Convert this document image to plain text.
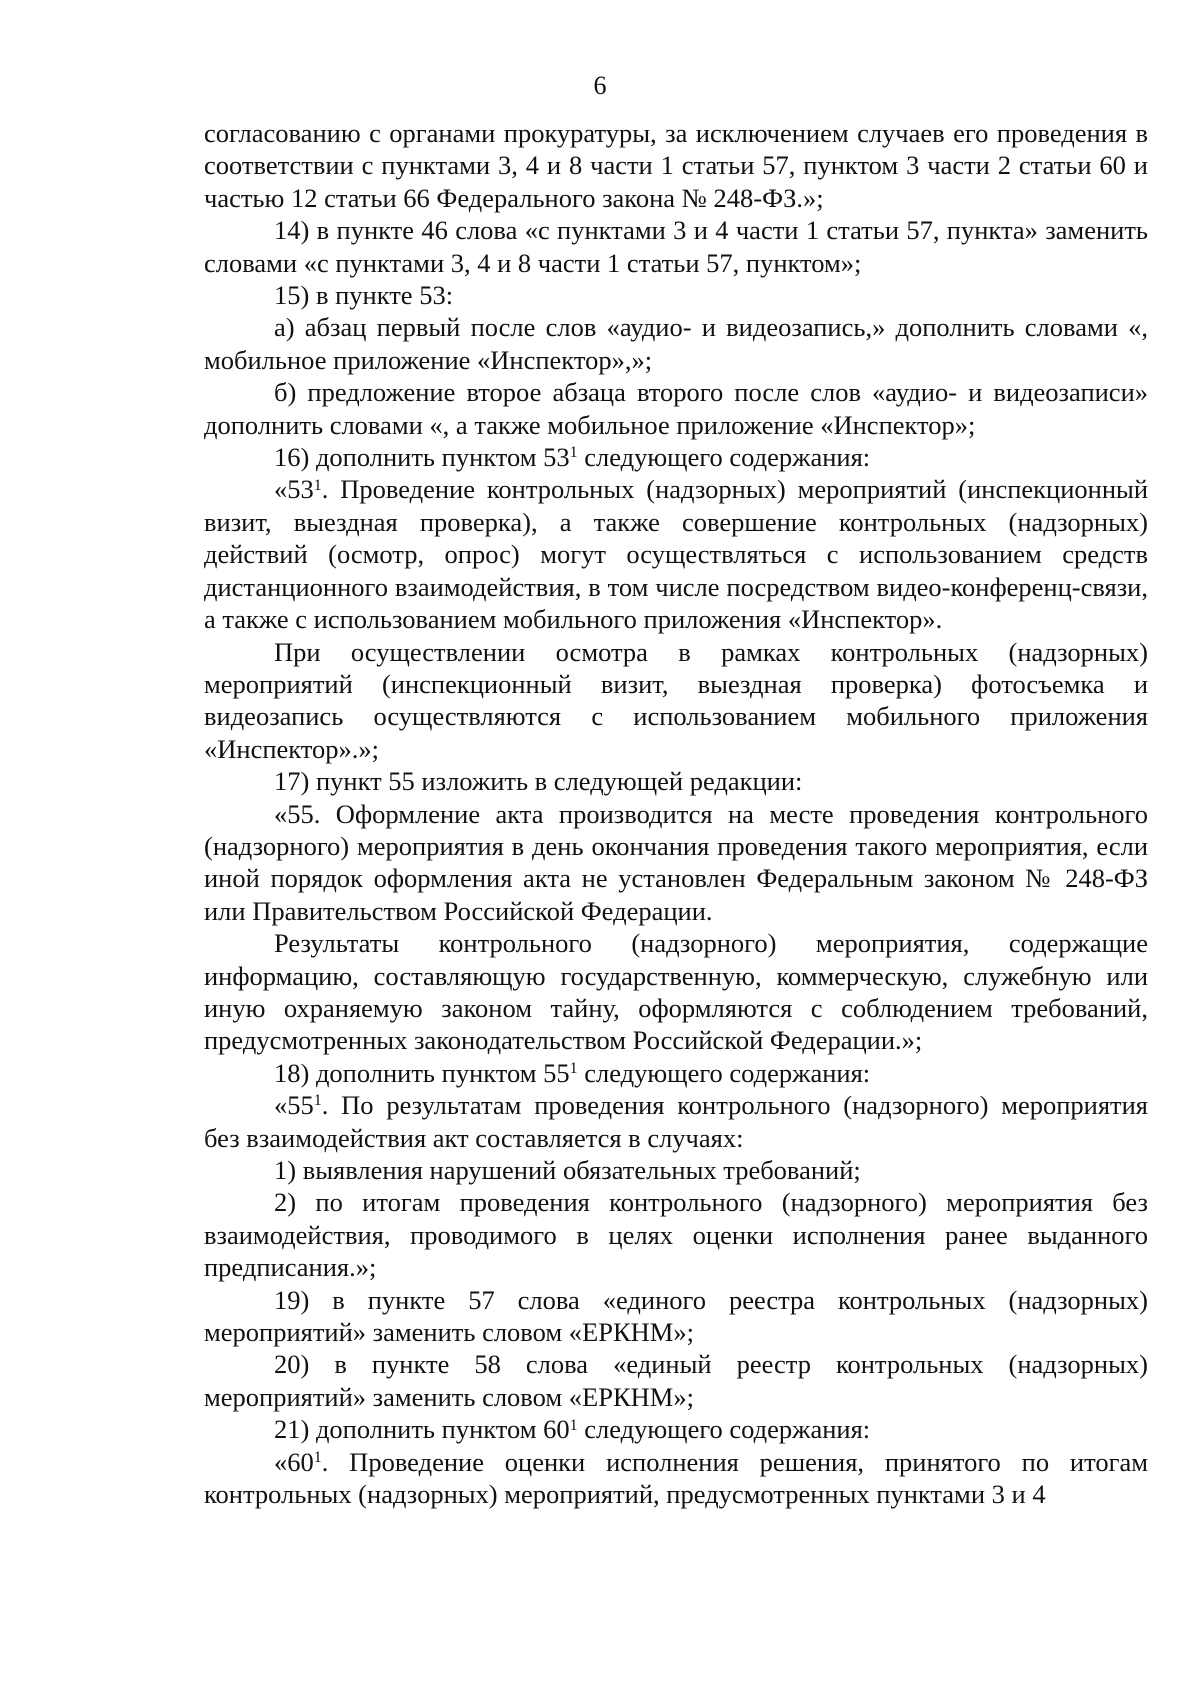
6

согласованию с органами прокуратуры, за исключением случаев его проведения в соответствии с пунктами 3, 4 и 8 части 1 статьи 57, пунктом 3 части 2 статьи 60 и частью 12 статьи 66 Федерального закона № 248-ФЗ.»;

14) в пункте 46 слова «с пунктами 3 и 4 части 1 статьи 57, пункта» заменить словами «с пунктами 3, 4 и 8 части 1 статьи 57, пунктом»;

15) в пункте 53:

а) абзац первый после слов «аудио- и видеозапись,» дополнить словами «, мобильное приложение «Инспектор»,»;

б) предложение второе абзаца второго после слов «аудио- и видеозаписи» дополнить словами «, а также мобильное приложение «Инспектор»;

16) дополнить пунктом $53^1$ следующего содержания:

«$53^1$. Проведение контрольных (надзорных) мероприятий (инспекционный визит, выездная проверка), а также совершение контрольных (надзорных) действий (осмотр, опрос) могут осуществляться с использованием средств дистанционного взаимодействия, в том числе посредством видео-конференц-связи, а также с использованием мобильного приложения «Инспектор».

При осуществлении осмотра в рамках контрольных (надзорных) мероприятий (инспекционный визит, выездная проверка) фотосъемка и видеозапись осуществляются с использованием мобильного приложения «Инспектор».»;

17) пункт 55 изложить в следующей редакции:

«55. Оформление акта производится на месте проведения контрольного (надзорного) мероприятия в день окончания проведения такого мероприятия, если иной порядок оформления акта не установлен Федеральным законом № 248-ФЗ или Правительством Российской Федерации.

Результаты контрольного (надзорного) мероприятия, содержащие информацию, составляющую государственную, коммерческую, служебную или иную охраняемую законом тайну, оформляются с соблюдением требований, предусмотренных законодательством Российской Федерации.»;

18) дополнить пунктом $55^1$ следующего содержания:

«$55^1$. По результатам проведения контрольного (надзорного) мероприятия без взаимодействия акт составляется в случаях:

1) выявления нарушений обязательных требований;

2) по итогам проведения контрольного (надзорного) мероприятия без взаимодействия, проводимого в целях оценки исполнения ранее выданного предписания.»;

19) в пункте 57 слова «единого реестра контрольных (надзорных) мероприятий» заменить словом «ЕРКНМ»;

20) в пункте 58 слова «единый реестр контрольных (надзорных) мероприятий» заменить словом «ЕРКНМ»;

21) дополнить пунктом $60^1$ следующего содержания:

«$60^1$. Проведение оценки исполнения решения, принятого по итогам контрольных (надзорных) мероприятий, предусмотренных пунктами 3 и 4
